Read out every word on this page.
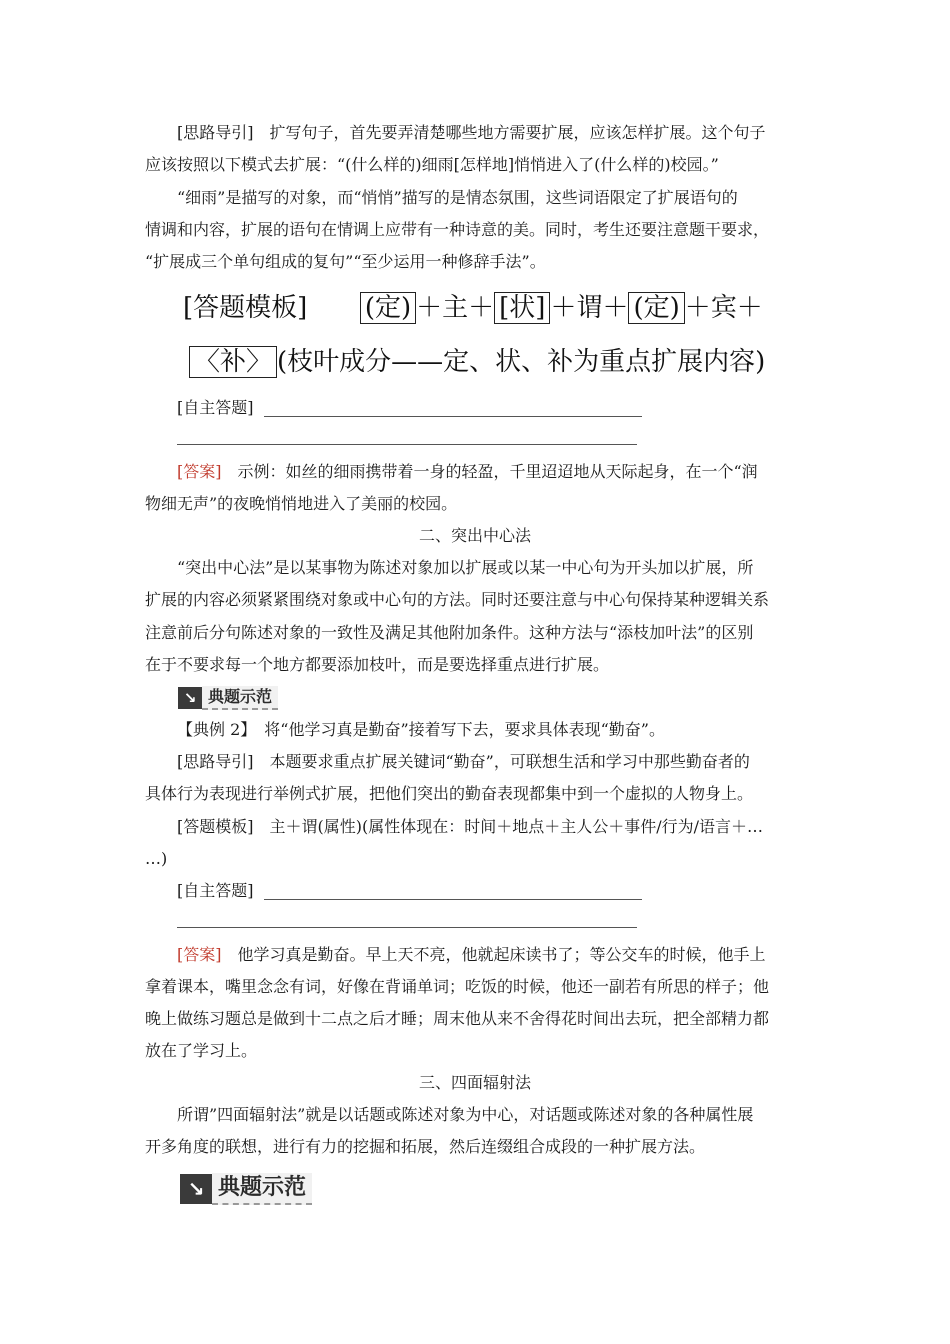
[思路导引]　扩写句子，首先要弄清楚哪些地方需要扩展，应该怎样扩展。这个句子
应该按照以下模式去扩展：“(什么样的)细雨[怎样地]悄悄进入了(什么样的)校园。”
“细雨”是描写的对象，而“悄悄”描写的是情态氛围，这些词语限定了扩展语句的
情调和内容，扩展的语句在情调上应带有一种诗意的美。同时，考生还要注意题干要求，
“扩展成三个单句组成的复句”“至少运用一种修辞手法”。
[答题模板] (定) ＋主＋ [状] ＋谓＋ (定) ＋宾＋
〈补〉 (枝叶成分——定、状、补为重点扩展内容)
[自主答题]
[答案]　示例：如丝的细雨携带着一身的轻盈，千里迢迢地从天际起身，在一个“润
物细无声”的夜晚悄悄地进入了美丽的校园。
二、突出中心法
“突出中心法”是以某事物为陈述对象加以扩展或以某一中心句为开头加以扩展，所
扩展的内容必须紧紧围绕对象或中心句的方法。同时还要注意与中心句保持某种逻辑关系
注意前后分句陈述对象的一致性及满足其他附加条件。这种方法与“添枝加叶法”的区别
在于不要求每一个地方都要添加枝叶，而是要选择重点进行扩展。
↘ 典题示范
【典例 2】　将“他学习真是勤奋”接着写下去，要求具体表现“勤奋”。
[思路导引]　本题要求重点扩展关键词“勤奋”，可联想生活和学习中那些勤奋者的
具体行为表现进行举例式扩展，把他们突出的勤奋表现都集中到一个虚拟的人物身上。
[答题模板]　主＋谓(属性)(属性体现在：时间＋地点＋主人公＋事件/行为/语言＋…
…)
[自主答题]
[答案]　他学习真是勤奋。早上天不亮，他就起床读书了；等公交车的时候，他手上
拿着课本，嘴里念念有词，好像在背诵单词；吃饭的时候，他还一副若有所思的样子；他
晚上做练习题总是做到十二点之后才睡；周末他从来不舍得花时间出去玩，把全部精力都
放在了学习上。
三、四面辐射法
所谓”四面辐射法”就是以话题或陈述对象为中心，对话题或陈述对象的各种属性展
开多角度的联想，进行有力的挖掘和拓展，然后连缀组合成段的一种扩展方法。
↘ 典题示范
